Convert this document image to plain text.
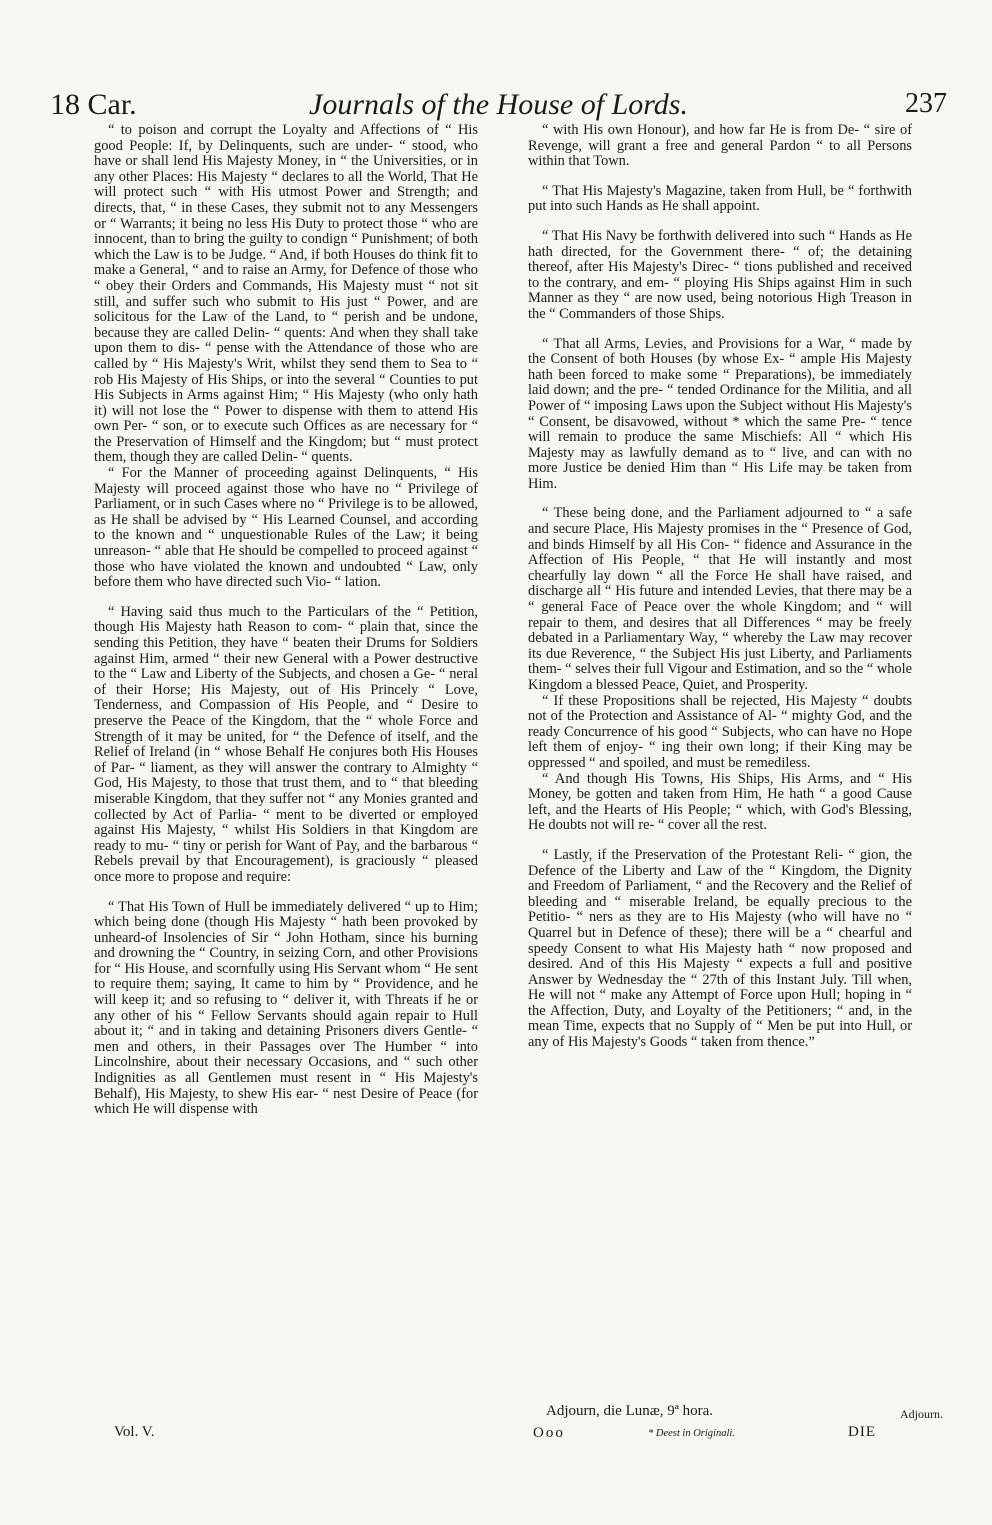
18 Car.	Journals of the House of Lords.	237

“ to poison and corrupt the Loyalty and Affections of “ His good People: If, by Delinquents, such are under- “ stood, who have or shall lend His Majesty Money, in “ the Universities, or in any other Places: His Majesty “ declares to all the World, That He will protect such “ with His utmost Power and Strength; and directs, that, “ in these Cases, they submit not to any Messengers or “ Warrants; it being no less His Duty to protect those “ who are innocent, than to bring the guilty to condign “ Punishment; of both which the Law is to be Judge. “ And, if both Houses do think fit to make a General, “ and to raise an Army, for Defence of those who “ obey their Orders and Commands, His Majesty must “ not sit still, and suffer such who submit to His just “ Power, and are solicitous for the Law of the Land, to “ perish and be undone, because they are called Delin- “ quents: And when they shall take upon them to dis- “ pense with the Attendance of those who are called by “ His Majesty's Writ, whilst they send them to Sea to “ rob His Majesty of His Ships, or into the several “ Counties to put His Subjects in Arms against Him; “ His Majesty (who only hath it) will not lose the “ Power to dispense with them to attend His own Per- “ son, or to execute such Offices as are necessary for “ the Preservation of Himself and the Kingdom; but “ must protect them, though they are called Delin- “ quents.

“ For the Manner of proceeding against Delinquents, “ His Majesty will proceed against those who have no “ Privilege of Parliament, or in such Cases where no “ Privilege is to be allowed, as He shall be advised by “ His Learned Counsel, and according to the known and “ unquestionable Rules of the Law; it being unreason- “ able that He should be compelled to proceed against “ those who have violated the known and undoubted “ Law, only before them who have directed such Vio- “ lation.

“ Having said thus much to the Particulars of the “ Petition, though His Majesty hath Reason to com- “ plain that, since the sending this Petition, they have “ beaten their Drums for Soldiers against Him, armed “ their new General with a Power destructive to the “ Law and Liberty of the Subjects, and chosen a Ge- “ neral of their Horse; His Majesty, out of His Princely “ Love, Tenderness, and Compassion of His People, and “ Desire to preserve the Peace of the Kingdom, that the “ whole Force and Strength of it may be united, for “ the Defence of itself, and the Relief of Ireland (in “ whose Behalf He conjures both His Houses of Par- “ liament, as they will answer the contrary to Almighty “ God, His Majesty, to those that trust them, and to “ that bleeding miserable Kingdom, that they suffer not “ any Monies granted and collected by Act of Parlia- “ ment to be diverted or employed against His Majesty, “ whilst His Soldiers in that Kingdom are ready to mu- “ tiny or perish for Want of Pay, and the barbarous “ Rebels prevail by that Encouragement), is graciously “ pleased once more to propose and require:

“ That His Town of Hull be immediately delivered “ up to Him; which being done (though His Majesty “ hath been provoked by unheard-of Insolencies of Sir “ John Hotham, since his burning and drowning the “ Country, in seizing Corn, and other Provisions for “ His House, and scornfully using His Servant whom “ He sent to require them; saying, It came to him by “ Providence, and he will keep it; and so refusing to “ deliver it, with Threats if he or any other of his “ Fellow Servants should again repair to Hull about it; “ and in taking and detaining Prisoners divers Gentle- “ men and others, in their Passages over The Humber “ into Lincolnshire, about their necessary Occasions, and “ such other Indignities as all Gentlemen must resent in “ His Majesty's Behalf), His Majesty, to shew His ear- “ nest Desire of Peace (for which He will dispense with

“ with His own Honour), and how far He is from De- “ sire of Revenge, will grant a free and general Pardon “ to all Persons within that Town.

“ That His Majesty's Magazine, taken from Hull, be “ forthwith put into such Hands as He shall appoint.

“ That His Navy be forthwith delivered into such “ Hands as He hath directed, for the Government there- “ of; the detaining thereof, after His Majesty's Direc- “ tions published and received to the contrary, and em- “ ploying His Ships against Him in such Manner as they “ are now used, being notorious High Treason in the “ Commanders of those Ships.

“ That all Arms, Levies, and Provisions for a War, “ made by the Consent of both Houses (by whose Ex- “ ample His Majesty hath been forced to make some “ Preparations), be immediately laid down; and the pre- “ tended Ordinance for the Militia, and all Power of “ imposing Laws upon the Subject without His Majesty's “ Consent, be disavowed, without * which the same Pre- “ tence will remain to produce the same Mischiefs: All “ which His Majesty may as lawfully demand as to “ live, and can with no more Justice be denied Him than “ His Life may be taken from Him.

“ These being done, and the Parliament adjourned to “ a safe and secure Place, His Majesty promises in the “ Presence of God, and binds Himself by all His Con- “ fidence and Assurance in the Affection of His People, “ that He will instantly and most chearfully lay down “ all the Force He shall have raised, and discharge all “ His future and intended Levies, that there may be a “ general Face of Peace over the whole Kingdom; and “ will repair to them, and desires that all Differences “ may be freely debated in a Parliamentary Way, “ whereby the Law may recover its due Reverence, “ the Subject His just Liberty, and Parliaments them- “ selves their full Vigour and Estimation, and so the “ whole Kingdom a blessed Peace, Quiet, and Prosperity.

“ If these Propositions shall be rejected, His Majesty “ doubts not of the Protection and Assistance of Al- “ mighty God, and the ready Concurrence of his good “ Subjects, who can have no Hope left them of enjoy- “ ing their own long; if their King may be oppressed “ and spoiled, and must be remediless.

“ And though His Towns, His Ships, His Arms, and “ His Money, be gotten and taken from Him, He hath “ a good Cause left, and the Hearts of His People; “ which, with God's Blessing, He doubts not will re- “ cover all the rest.

“ Lastly, if the Preservation of the Protestant Reli- “ gion, the Defence of the Liberty and Law of the “ Kingdom, the Dignity and Freedom of Parliament, “ and the Recovery and the Relief of bleeding and “ miserable Ireland, be equally precious to the Petitio- “ ners as they are to His Majesty (who will have no “ Quarrel but in Defence of these); there will be a “ chearful and speedy Consent to what His Majesty hath “ now proposed and desired. And of this His Majesty “ expects a full and positive Answer by Wednesday the “ 27th of this Instant July. Till when, He will not “ make any Attempt of Force upon Hull; hoping in “ the Affection, Duty, and Loyalty of the Petitioners; “ and, in the mean Time, expects that no Supply of “ Men be put into Hull, or any of His Majesty's Goods “ taken from thence.”

Adjourn, die Lunæ, 9ª hora.	Adjourn.
Vol. V.	Ooo	* Deest in Originali.	DIE
